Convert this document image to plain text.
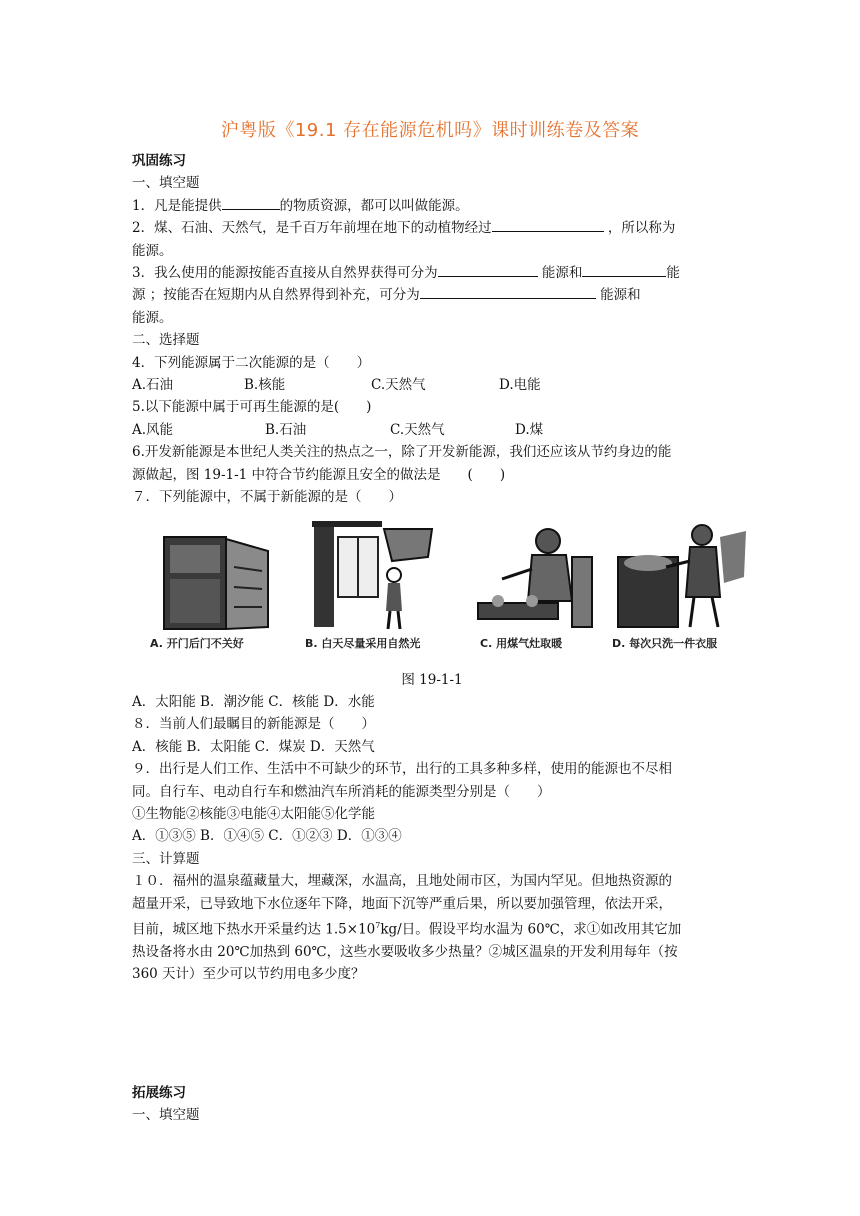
沪粤版《19.1 存在能源危机吗》课时训练卷及答案

巩固练习

一、填空题

1．凡是能提供	的物质资源，都可以叫做能源。

2．煤、石油、天然气，是千百万年前埋在地下的动植物经过	，所以称为

能源。

3．我么使用的能源按能否直接从自然界获得可分为	能源和	能

源 ；按能否在短期内从自然界得到补充，可分为	能源和

能源。

二、选择题

4．下列能源属于二次能源的是（　　）

A.石油	B.核能	C.天然气	D.电能

5.以下能源中属于可再生能源的是(　　)

A.风能	B.石油	C.天然气	D.煤

6.开发新能源是本世纪人类关注的热点之一，除了开发新能源，我们还应该从节约身边的能

源做起，图 19-1-1 中符合节约能源且安全的做法是　　(　　)

７．下列能源中，不属于新能源的是（　　）

A. 开门后门不关好	B. 白天尽量采用自然光	C. 用煤气灶取暖	D. 每次只洗一件衣服

图 19-1-1

A．太阳能 B．潮汐能 C．核能 D．水能

８．当前人们最瞩目的新能源是（　　）

A．核能 B．太阳能 C．煤炭 D．天然气

９．出行是人们工作、生活中不可缺少的环节，出行的工具多种多样，使用的能源也不尽相

同。自行车、电动自行车和燃油汽车所消耗的能源类型分别是（　　）

①生物能②核能③电能④太阳能⑤化学能

A．①③⑤ B．①④⑤ C．①②③ D．①③④

三、计算题

１０．福州的温泉蕴藏量大，埋藏深，水温高，且地处闹市区，为国内罕见。但地热资源的

超量开采，已导致地下水位逐年下降，地面下沉等严重后果，所以要加强管理，依法开采，

目前，城区地下热水开采量约达 $1.5\times 10^7kg/$日。假设平均水温为 60℃，求①如改用其它加

热设备将水由 20℃加热到 60℃，这些水要吸收多少热量？②城区温泉的开发利用每年（按

360 天计）至少可以节约用电多少度？

拓展练习

一、填空题
